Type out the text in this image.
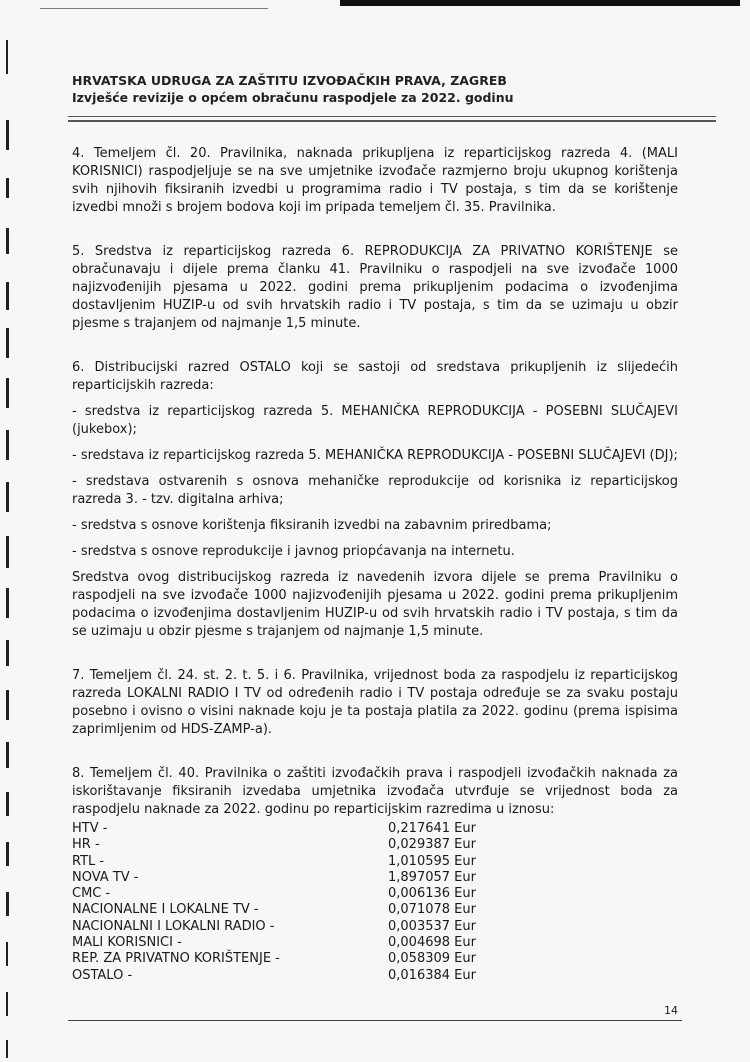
HRVATSKA UDRUGA ZA ZAŠTITU IZVOĐAČKIH PRAVA, ZAGREB
Izvješće revizije o općem obračunu raspodjele za 2022. godinu

4. Temeljem čl. 20. Pravilnika, naknada prikupljena iz reparticijskog razreda 4. (MALI KORISNICI) raspodjeljuje se na sve umjetnike izvođače razmjerno broju ukupnog korištenja svih njihovih fiksiranih izvedbi u programima radio i TV postaja, s tim da se korištenje izvedbi množi s brojem bodova koji im pripada temeljem čl. 35. Pravilnika.

5. Sredstva iz reparticijskog razreda 6. REPRODUKCIJA ZA PRIVATNO KORIŠTENJE se obračunavaju i dijele prema članku 41. Pravilniku o raspodjeli na sve izvođače 1000 najizvođenijih pjesama u 2022. godini prema prikupljenim podacima o izvođenjima dostavljenim HUZIP-u od svih hrvatskih radio i TV postaja, s tim da se uzimaju u obzir pjesme s trajanjem od najmanje 1,5 minute.

6. Distribucijski razred OSTALO koji se sastoji od sredstava prikupljenih iz slijedećih reparticijskih razreda:

- sredstva iz reparticijskog razreda 5. MEHANIČKA REPRODUKCIJA - POSEBNI SLUČAJEVI (jukebox);

- sredstava iz reparticijskog razreda 5. MEHANIČKA REPRODUKCIJA - POSEBNI SLUČAJEVI (DJ);

- sredstava ostvarenih s osnova mehaničke reprodukcije od korisnika iz reparticijskog razreda 3. - tzv. digitalna arhiva;

- sredstva s osnove korištenja fiksiranih izvedbi na zabavnim priredbama;

- sredstva s osnove reprodukcije i javnog priopćavanja na internetu.

Sredstva ovog distribucijskog razreda iz navedenih izvora dijele se prema Pravilniku o raspodjeli na sve izvođače 1000 najizvođenijih pjesama u 2022. godini prema prikupljenim podacima o izvođenjima dostavljenim HUZIP-u od svih hrvatskih radio i TV postaja, s tim da se uzimaju u obzir pjesme s trajanjem od najmanje 1,5 minute.

7. Temeljem čl. 24. st. 2. t. 5. i 6. Pravilnika, vrijednost boda za raspodjelu iz reparticijskog razreda LOKALNI RADIO I TV od određenih radio i TV postaja određuje se za svaku postaju posebno i ovisno o visini naknade koju je ta postaja platila za 2022. godinu (prema ispisima zaprimljenim od HDS-ZAMP-a).

8. Temeljem čl. 40. Pravilnika o zaštiti izvođačkih prava i raspodjeli izvođačkih naknada za iskorištavanje fiksiranih izvedaba umjetnika izvođača utvrđuje se vrijednost boda za raspodjelu naknade za 2022. godinu po reparticijskim razredima u iznosu:

HTV -	0,217641 Eur
HR -	0,029387 Eur
RTL -	1,010595 Eur
NOVA TV -	1,897057 Eur
CMC -	0,006136 Eur
NACIONALNE I LOKALNE TV -	0,071078 Eur
NACIONALNI I LOKALNI RADIO -	0,003537 Eur
MALI KORISNICI -	0,004698 Eur
REP. ZA PRIVATNO KORIŠTENJE -	0,058309 Eur
OSTALO -	0,016384 Eur
14
